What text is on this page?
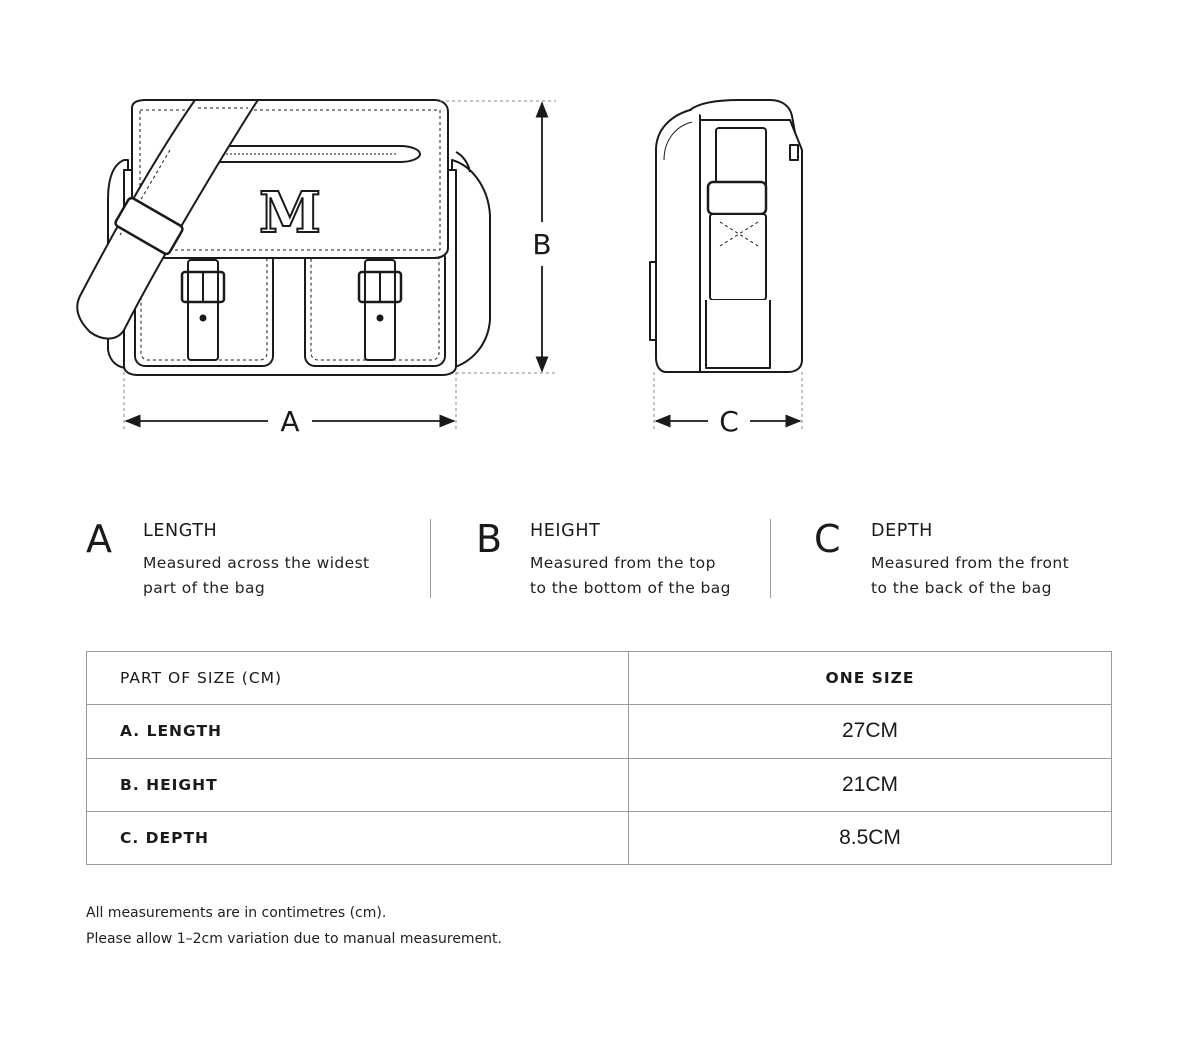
M
A
B
C
A LENGTH
Measured across the widest
part of the bag
B HEIGHT
Measured from the top
to the bottom of the bag
C DEPTH
Measured from the front
to the back of the bag
PART OF SIZE (CM)	ONE SIZE
A. LENGTH	27CM
B. HEIGHT	21CM
C. DEPTH	8.5CM
All measurements are in contimetres (cm).
Please allow 1–2cm variation due to manual measurement.
